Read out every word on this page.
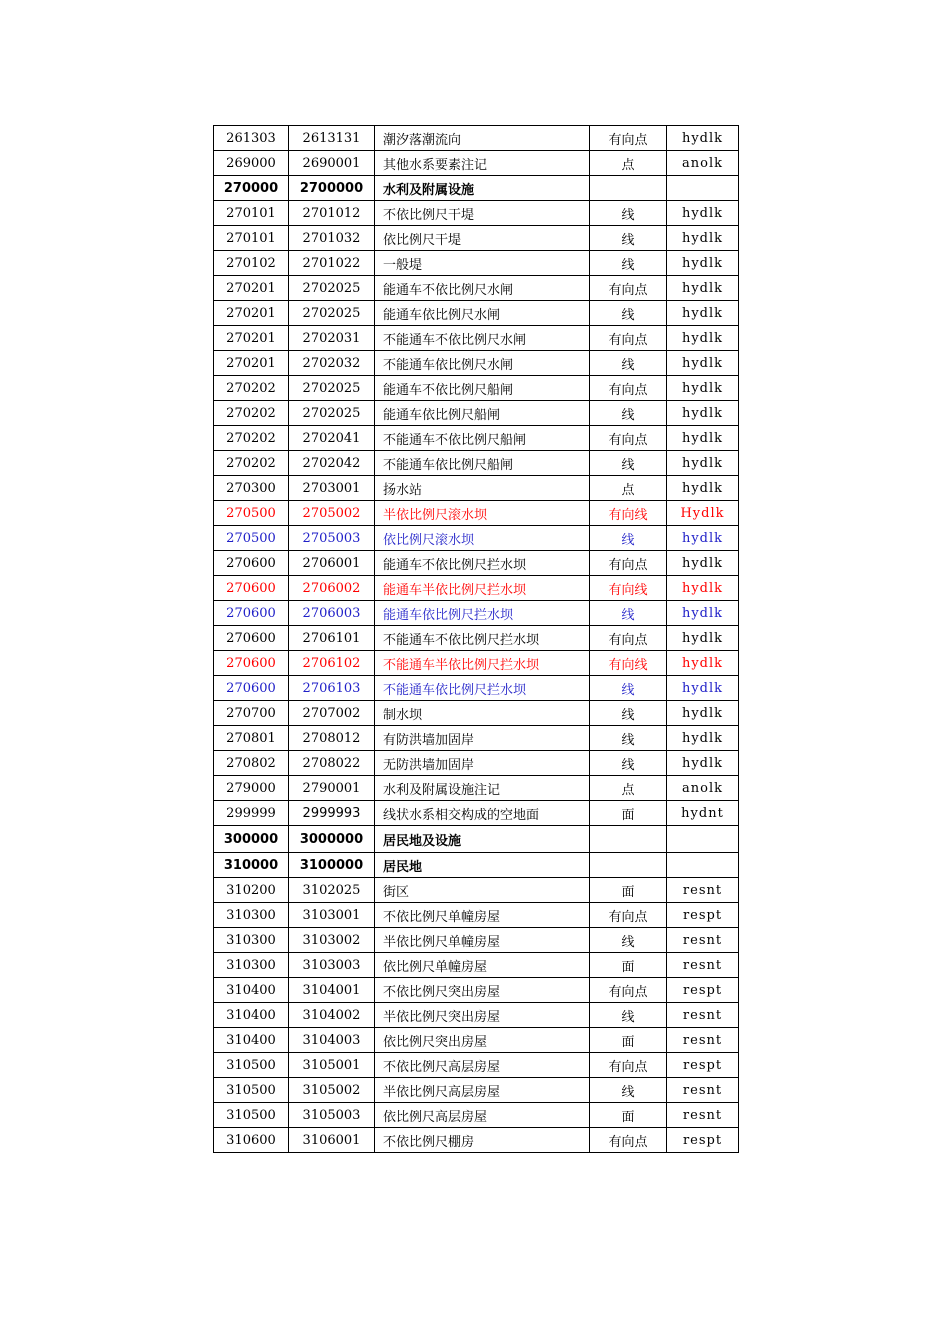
261303	2613131	潮汐落潮流向	有向点	hydlk
269000	2690001	其他水系要素注记	点	anolk
270000	2700000	水利及附属设施		
270101	2701012	不依比例尺干堤	线	hydlk
270101	2701032	依比例尺干堤	线	hydlk
270102	2701022	一般堤	线	hydlk
270201	2702025	能通车不依比例尺水闸	有向点	hydlk
270201	2702025	能通车依比例尺水闸	线	hydlk
270201	2702031	不能通车不依比例尺水闸	有向点	hydlk
270201	2702032	不能通车依比例尺水闸	线	hydlk
270202	2702025	能通车不依比例尺船闸	有向点	hydlk
270202	2702025	能通车依比例尺船闸	线	hydlk
270202	2702041	不能通车不依比例尺船闸	有向点	hydlk
270202	2702042	不能通车依比例尺船闸	线	hydlk
270300	2703001	扬水站	点	hydlk
270500	2705002	半依比例尺滚水坝	有向线	Hydlk
270500	2705003	依比例尺滚水坝	线	hydlk
270600	2706001	能通车不依比例尺拦水坝	有向点	hydlk
270600	2706002	能通车半依比例尺拦水坝	有向线	hydlk
270600	2706003	能通车依比例尺拦水坝	线	hydlk
270600	2706101	不能通车不依比例尺拦水坝	有向点	hydlk
270600	2706102	不能通车半依比例尺拦水坝	有向线	hydlk
270600	2706103	不能通车依比例尺拦水坝	线	hydlk
270700	2707002	制水坝	线	hydlk
270801	2708012	有防洪墙加固岸	线	hydlk
270802	2708022	无防洪墙加固岸	线	hydlk
279000	2790001	水利及附属设施注记	点	anolk
299999	2999993	线状水系相交构成的空地面	面	hydnt
300000	3000000	居民地及设施		
310000	3100000	居民地		
310200	3102025	街区	面	resnt
310300	3103001	不依比例尺单幢房屋	有向点	respt
310300	3103002	半依比例尺单幢房屋	线	resnt
310300	3103003	依比例尺单幢房屋	面	resnt
310400	3104001	不依比例尺突出房屋	有向点	respt
310400	3104002	半依比例尺突出房屋	线	resnt
310400	3104003	依比例尺突出房屋	面	resnt
310500	3105001	不依比例尺高层房屋	有向点	respt
310500	3105002	半依比例尺高层房屋	线	resnt
310500	3105003	依比例尺高层房屋	面	resnt
310600	3106001	不依比例尺棚房	有向点	respt
